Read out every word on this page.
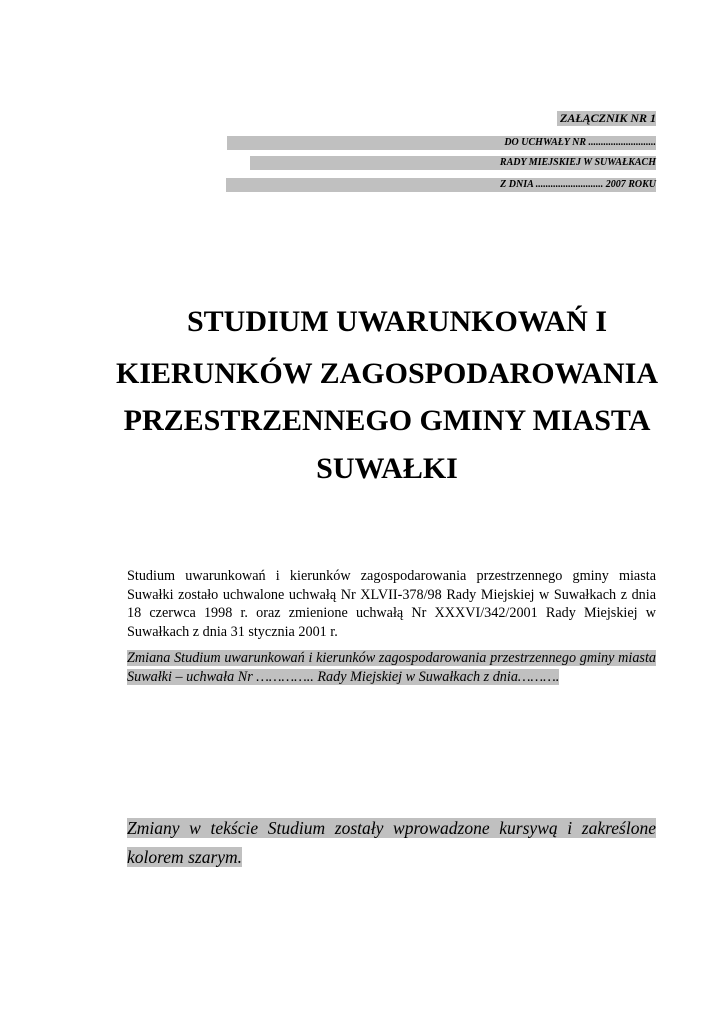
ZAŁĄCZNIK NR 1
DO UCHWAŁY NR ...........................
RADY MIEJSKIEJ W SUWAŁKACH
Z DNIA ........................... 2007 ROKU
STUDIUM UWARUNKOWAŃ I
KIERUNKÓW ZAGOSPODAROWANIA
PRZESTRZENNEGO GMINY MIASTA
SUWAŁKI
Studium uwarunkowań i kierunków zagospodarowania przestrzennego gminy miasta Suwałki zostało uchwalone uchwałą Nr XLVII-378/98 Rady Miejskiej w Suwałkach z dnia 18 czerwca 1998 r. oraz zmienione uchwałą Nr XXXVI/342/2001 Rady Miejskiej w Suwałkach z dnia 31 stycznia 2001 r.
Zmiana Studium uwarunkowań i kierunków zagospodarowania przestrzennego gminy miasta Suwałki – uchwała Nr ………….. Rady Miejskiej w Suwałkach z dnia……….
Zmiany w tekście Studium zostały wprowadzone kursywą i zakreślone kolorem szarym.
